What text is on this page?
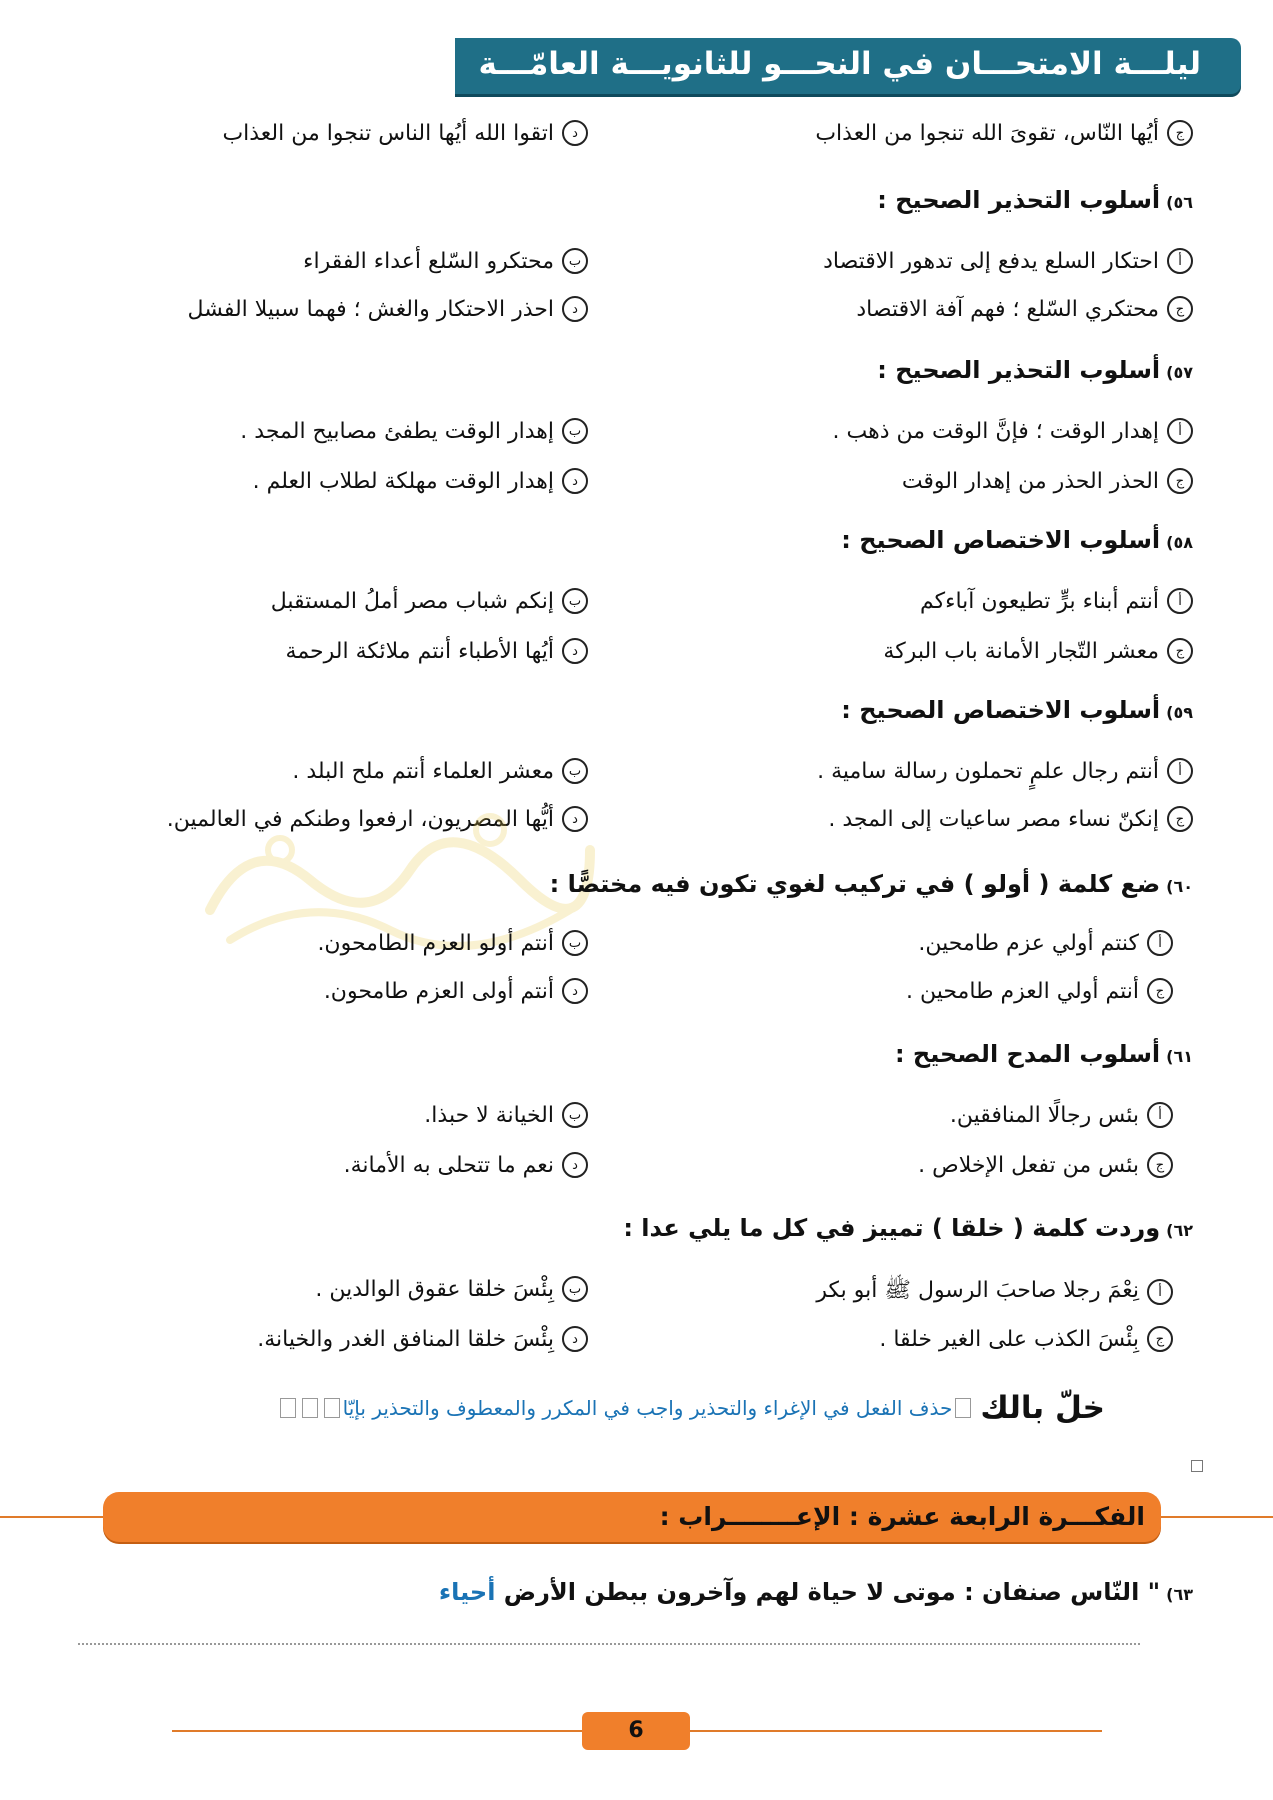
ليلـــة الامتحـــان في النحـــو للثانويـــة العامّـــة
ج
أيُها النّاس، تقوىَ الله تنجوا من العذاب
د
اتقوا الله أيُها الناس تنجوا من العذاب
٥٦)أسلوب التحذير الصحيح :
أ
احتكار السلع يدفع إلى تدهور الاقتصاد
ب
محتكرو السّلع أعداء الفقراء
ج
محتكري السّلع ؛ فهم آفة الاقتصاد
د
احذر الاحتكار والغش ؛ فهما سبيلا الفشل
٥٧)أسلوب التحذير الصحيح :
أ
إهدار الوقت ؛ فإنَّ الوقت من ذهب .
ب
إهدار الوقت يطفئ مصابيح المجد .
ج
الحذر الحذر من إهدار الوقت
د
إهدار الوقت مهلكة لطلاب العلم .
٥٨)أسلوب الاختصاص الصحيح :
أ
أنتم أبناء برٍّ تطيعون آباءكم
ب
إنكم شباب مصر أملُ المستقبل
ج
معشر التّجار الأمانة باب البركة
د
أيُها الأطباء أنتم ملائكة الرحمة
٥٩)أسلوب الاختصاص الصحيح :
أ
أنتم رجال علمٍ تحملون رسالة سامية .
ب
معشر العلماء أنتم ملح البلد .
ج
إنكنّ نساء مصر ساعيات إلى المجد .
د
أيُّها المصريون، ارفعوا وطنكم في العالمين.
٦٠)ضع كلمة ( أولو ) في تركيب لغوي تكون فيه مختصًّا :
أ
كنتم أولي عزم طامحين.
ب
أنتم أولو العزم الطامحون.
ج
أنتم أولي العزم طامحين .
د
أنتم أولى العزم طامحون.
٦١)أسلوب المدح الصحيح :
أ
بئس رجالًا المنافقين.
ب
الخيانة لا حبذا.
ج
بئس من تفعل الإخلاص .
د
نعم ما تتحلى به الأمانة.
٦٢)وردت كلمة ( خلقا ) تمييز في كل ما يلي عدا :
أ
نِعْمَ رجلا صاحبَ الرسول ﷺ أبو بكر
ب
بِئْسَ خلقا عقوق الوالدين .
ج
بِئْسَ الكذب على الغير خلقا .
د
بِئْسَ خلقا المنافق الغدر والخيانة.
خلّ بالك
حذف الفعل في الإغراء والتحذير واجب في المكرر والمعطوف والتحذير بإيّا
الفكـــرة الرابعة عشرة : الإعــــــــراب :
٦٣)" النّاس صنفان : موتى لا حياة لهم وآخرون ببطن الأرض أحياء
6
